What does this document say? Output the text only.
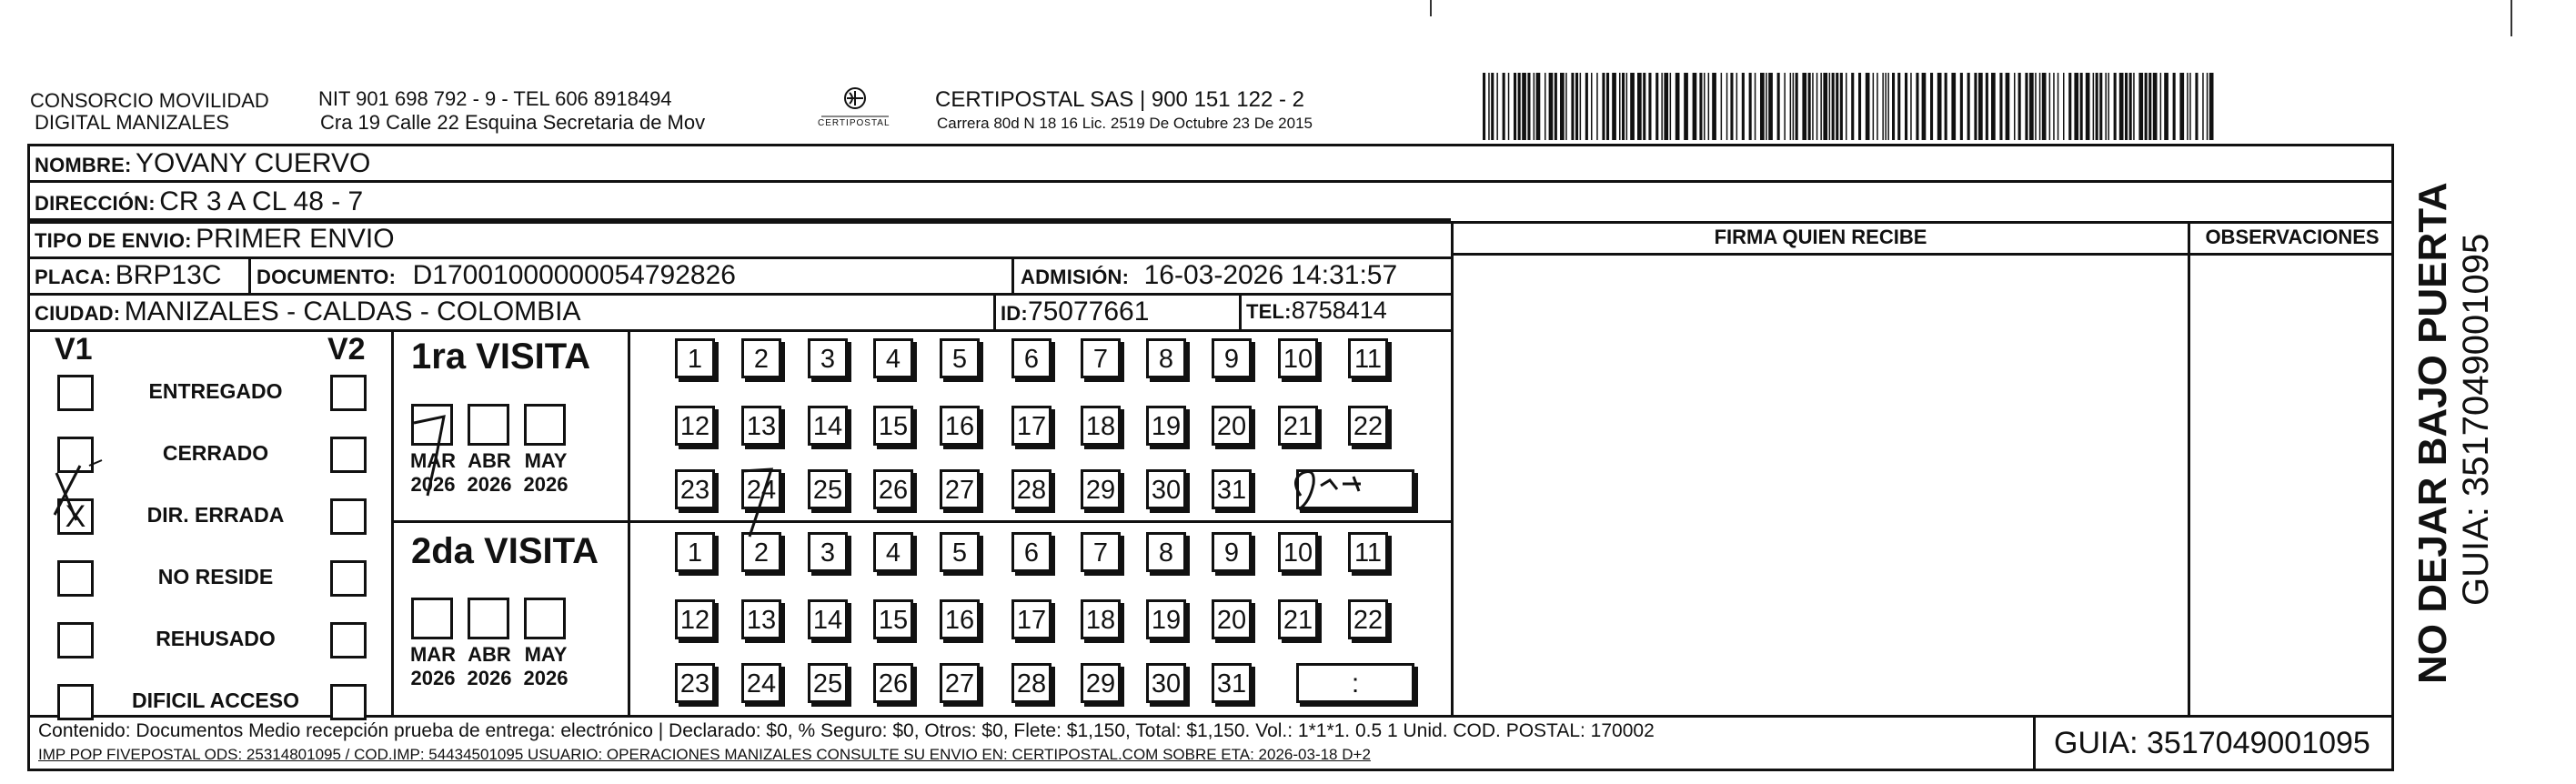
CONSORCIO MOVILIDAD
DIGITAL MANIZALES
NIT 901 698 792 - 9 - TEL 606 8918494
Cra 19 Calle 22 Esquina Secretaria de Mov	CERTIPOSTAL
CERTIPOSTAL SAS | 900 151 122 - 2
Carrera 80d N 18 16 Lic. 2519 De Octubre 23 De 2015
NOMBRE: YOVANY CUERVO
DIRECCIÓN: CR 3 A CL 48 - 7
TIPO DE ENVIO: PRIMER ENVIO
PLACA: BRP13C DOCUMENTO: D17001000000054792826	ADMISIÓN: 16-03-2026 14:31:57
CIUDAD: MANIZALES - CALDAS - COLOMBIA	ID:75077661	TEL:8758414
FIRMA QUIEN RECIBE	OBSERVACIONES
V1	V2
ENTREGADO
CERRADO
X	DIR. ERRADA
NO RESIDE
REHUSADO
DIFICIL ACCESO
1ra VISITA
2da VISITA
MAR
2026
ABR
2026
MAY
2026
1	2	3	4	5	6	7	8	9	10 11
12 13 14 15 16 17 18 19 20 21 22
23 24 25 26 27 28 29 30 31
MAR
2026
ABR
2026
MAY
2026
1	2	3	4	5	6	7	8	9	10 11
12 13 14 15 16 17 18 19 20 21 22
23 24 25 26 27 28 29 30 31	:
Contenido: Documentos Medio recepción prueba de entrega: electrónico | Declarado: $0, % Seguro: $0, Otros: $0, Flete: $1,150, Total: $1,150. Vol.: 1*1*1. 0.5 1 Unid. COD. POSTAL: 170002
IMP POP FIVEPOSTAL ODS: 25314801095 / COD.IMP: 54434501095 USUARIO: OPERACIONES MANIZALES CONSULTE SU ENVIO EN: CERTIPOSTAL.COM SOBRE ETA: 2026-03-18 D+2	GUIA: 3517049001095
NO DEJAR BAJO PUERTA GUIA: 3517049001095
